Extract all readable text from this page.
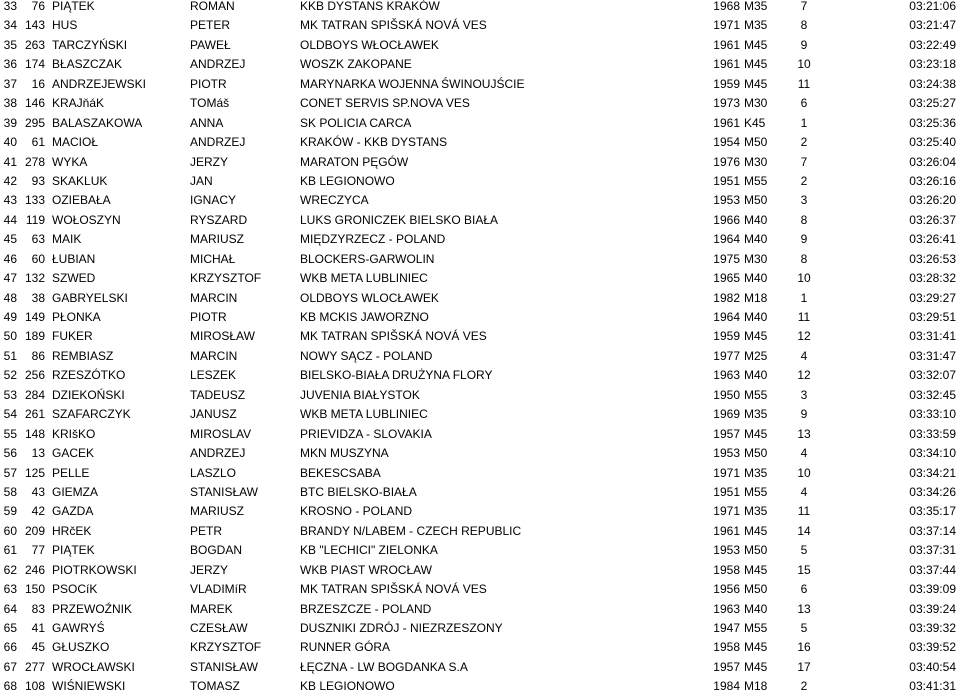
33	76 PIĄTEK	ROMAN	KKB DYSTANS KRAKÓW	1968 M35	7	03:21:06
34 143 HUS	PETER	MK TATRAN SPIŠSKÁ NOVÁ VES	1971 M35	8	03:21:47
35 263 TARCZYŃSKI	PAWEŁ	OLDBOYS WŁOCŁAWEK	1961 M45	9	03:22:49
36 174 BŁASZCZAK	ANDRZEJ	WOSZK ZAKOPANE	1961 M45	10	03:23:18
37	16 ANDRZEJEWSKI	PIOTR	MARYNARKA WOJENNA ŚWINOUJŚCIE	1959 M45	11	03:24:38
38 146 KRAJňáK	TOMáš	CONET SERVIS SP.NOVA VES	1973 M30	6	03:25:27
39 295 BALASZAKOWA	ANNA	SK POLICIA CARCA	1961 K45	1	03:25:36
40	61 MACIOŁ	ANDRZEJ	KRAKÓW - KKB DYSTANS	1954 M50	2	03:25:40
41 278 WYKA	JERZY	MARATON PĘGÓW	1976 M30	7	03:26:04
42	93 SKAKLUK	JAN	KB LEGIONOWO	1951 M55	2	03:26:16
43 133 OZIEBAŁA	IGNACY	WRECZYCA	1953 M50	3	03:26:20
44 119 WOŁOSZYN	RYSZARD	LUKS GRONICZEK BIELSKO BIAŁA	1966 M40	8	03:26:37
45	63 MAIK	MARIUSZ	MIĘDZYRZECZ - POLAND	1964 M40	9	03:26:41
46	60 ŁUBIAN	MICHAŁ	BLOCKERS-GARWOLIN	1975 M30	8	03:26:53
47 132 SZWED	KRZYSZTOF	WKB META LUBLINIEC	1965 M40	10	03:28:32
48	38 GABRYELSKI	MARCIN	OLDBOYS WLOCŁAWEK	1982 M18	1	03:29:27
49 149 PŁONKA	PIOTR	KB MCKIS JAWORZNO	1964 M40	11	03:29:51
50 189 FUKER	MIROSŁAW	MK TATRAN SPIŠSKÁ NOVÁ VES	1959 M45	12	03:31:41
51	86 REMBIASZ	MARCIN	NOWY SĄCZ - POLAND	1977 M25	4	03:31:47
52 256 RZESZÓTKO	LESZEK	BIELSKO-BIAŁA DRUŻYNA FLORY	1963 M40	12	03:32:07
53 284 DZIEKOŃSKI	TADEUSZ	JUVENIA BIAŁYSTOK	1950 M55	3	03:32:45
54 261 SZAFARCZYK	JANUSZ	WKB META LUBLINIEC	1969 M35	9	03:33:10
55 148 KRIšKO	MIROSLAV	PRIEVIDZA - SLOVAKIA	1957 M45	13	03:33:59
56	13 GACEK	ANDRZEJ	MKN MUSZYNA	1953 M50	4	03:34:10
57 125 PELLE	LASZLO	BEKESCSABA	1971 M35	10	03:34:21
58	43 GIEMZA	STANISŁAW	BTC BIELSKO-BIAŁA	1951 M55	4	03:34:26
59	42 GAZDA	MARIUSZ	KROSNO - POLAND	1971 M35	11	03:35:17
60 209 HRčEK	PETR	BRANDY N/LABEM - CZECH REPUBLIC	1961 M45	14	03:37:14
61	77 PIĄTEK	BOGDAN	KB "LECHICI" ZIELONKA	1953 M50	5	03:37:31
62 246 PIOTRKOWSKI	JERZY	WKB PIAST WROCŁAW	1958 M45	15	03:37:44
63 150 PSOCíK	VLADIMíR	MK TATRAN SPIŠSKÁ NOVÁ VES	1956 M50	6	03:39:09
64	83 PRZEWOŹNIK	MAREK	BRZESZCZE - POLAND	1963 M40	13	03:39:24
65	41 GAWRYŚ	CZESŁAW	DUSZNIKI ZDRÓJ - NIEZRZESZONY	1947 M55	5	03:39:32
66	45 GŁUSZKO	KRZYSZTOF	RUNNER GÓRA	1958 M45	16	03:39:52
67 277 WROCŁAWSKI	STANISŁAW	ŁĘCZNA - LW BOGDANKA S.A	1957 M45	17	03:40:54
68 108 WIŚNIEWSKI	TOMASZ	KB LEGIONOWO	1984 M18	2	03:41:31
